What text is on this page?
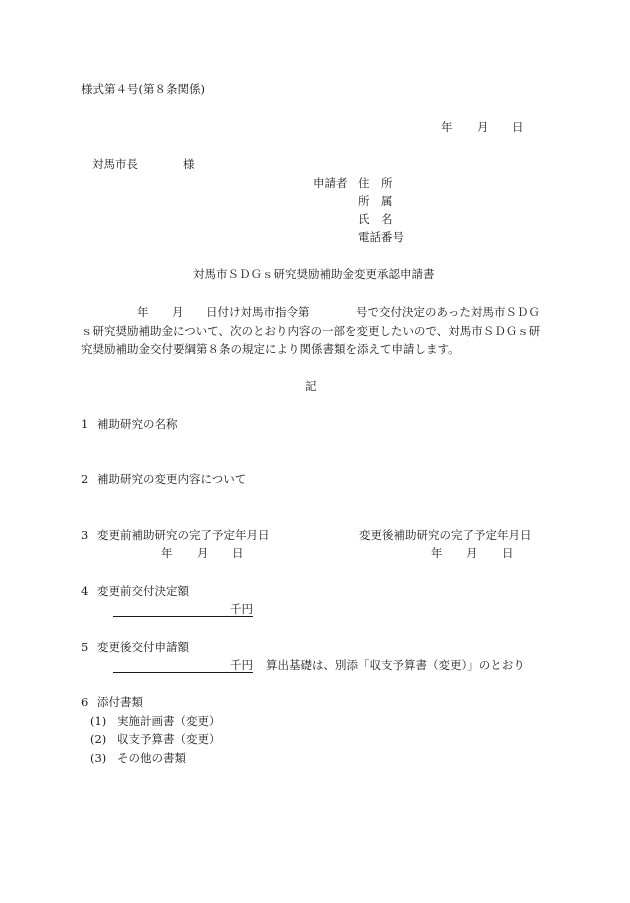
様式第４号(第８条関係)
年 月 日
対馬市長	様
申請者 住　所
所　属
氏　名
電話番号
対馬市ＳＤＧｓ研究奨励補助金変更承認申請書
年 月 日付け対馬市指令第	号で交付決定のあった対馬市ＳＤＧ
ｓ研究奨励補助金について、次のとおり内容の一部を変更したいので、対馬市ＳＤＧｓ研
究奨励補助金交付要綱第８条の規定により関係書類を添えて申請します。
記
1 補助研究の名称
2 補助研究の変更内容について
3 変更前補助研究の完了予定年月日	変更後補助研究の完了予定年月日
年 月 日	年 月 日
4 変更前交付決定額
千円
5 変更後交付申請額
千円 算出基礎は、別添「収支予算書（変更）」のとおり
6 添付書類
(1) 実施計画書（変更）
(2) 収支予算書（変更）
(3) その他の書類
